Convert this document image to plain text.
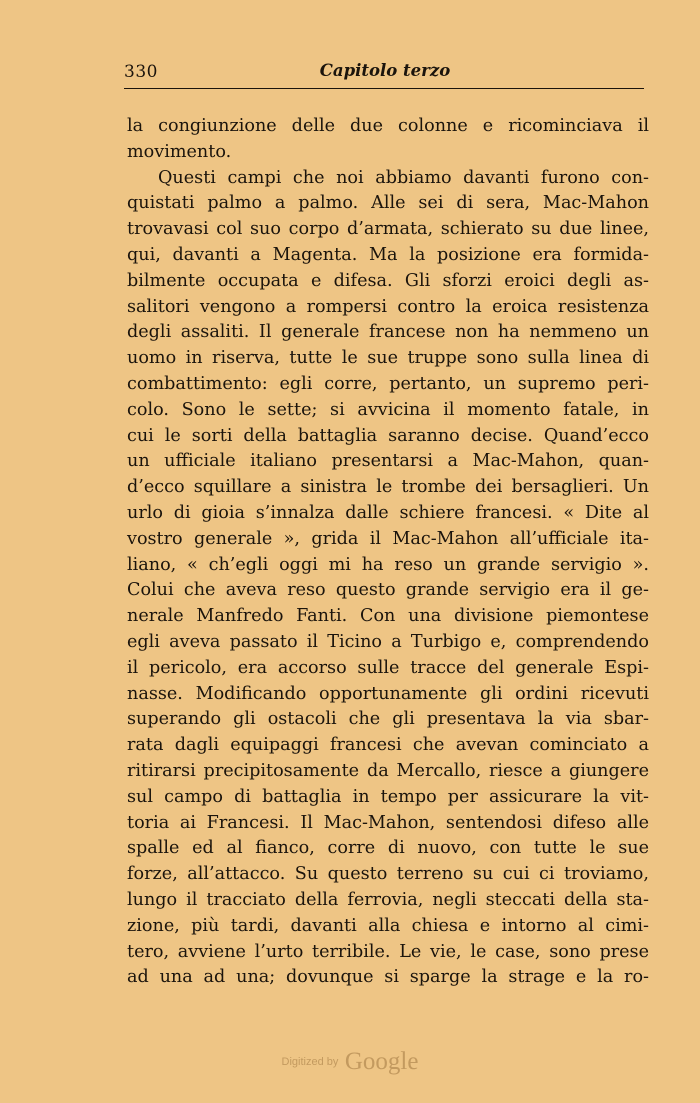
330	Capitolo terzo
la congiunzione delle due colonne e ricominciava il
movimento.
Questi campi che noi abbiamo davanti furono con-
quistati palmo a palmo. Alle sei di sera, Mac-Mahon
trovavasi col suo corpo d’armata, schierato su due linee,
qui, davanti a Magenta. Ma la posizione era formida-
bilmente occupata e difesa. Gli sforzi eroici degli as-
salitori vengono a rompersi contro la eroica resistenza
degli assaliti. Il generale francese non ha nemmeno un
uomo in riserva, tutte le sue truppe sono sulla linea di
combattimento: egli corre, pertanto, un supremo peri-
colo. Sono le sette; si avvicina il momento fatale, in
cui le sorti della battaglia saranno decise. Quand’ecco
un ufficiale italiano presentarsi a Mac-Mahon, quan-
d’ecco squillare a sinistra le trombe dei bersaglieri. Un
urlo di gioia s’innalza dalle schiere francesi. « Dite al
vostro generale », grida il Mac-Mahon all’ufficiale ita-
liano, « ch’egli oggi mi ha reso un grande servigio ».
Colui che aveva reso questo grande servigio era il ge-
nerale Manfredo Fanti. Con una divisione piemontese
egli aveva passato il Ticino a Turbigo e, comprendendo
il pericolo, era accorso sulle tracce del generale Espi-
nasse. Modificando opportunamente gli ordini ricevuti
superando gli ostacoli che gli presentava la via sbar-
rata dagli equipaggi francesi che avevan cominciato a
ritirarsi precipitosamente da Mercallo, riesce a giungere
sul campo di battaglia in tempo per assicurare la vit-
toria ai Francesi. Il Mac-Mahon, sentendosi difeso alle
spalle ed al fianco, corre di nuovo, con tutte le sue
forze, all’attacco. Su questo terreno su cui ci troviamo,
lungo il tracciato della ferrovia, negli steccati della sta-
zione, più tardi, davanti alla chiesa e intorno al cimi-
tero, avviene l’urto terribile. Le vie, le case, sono prese
ad una ad una; dovunque si sparge la strage e la ro-
Digitized by Google
